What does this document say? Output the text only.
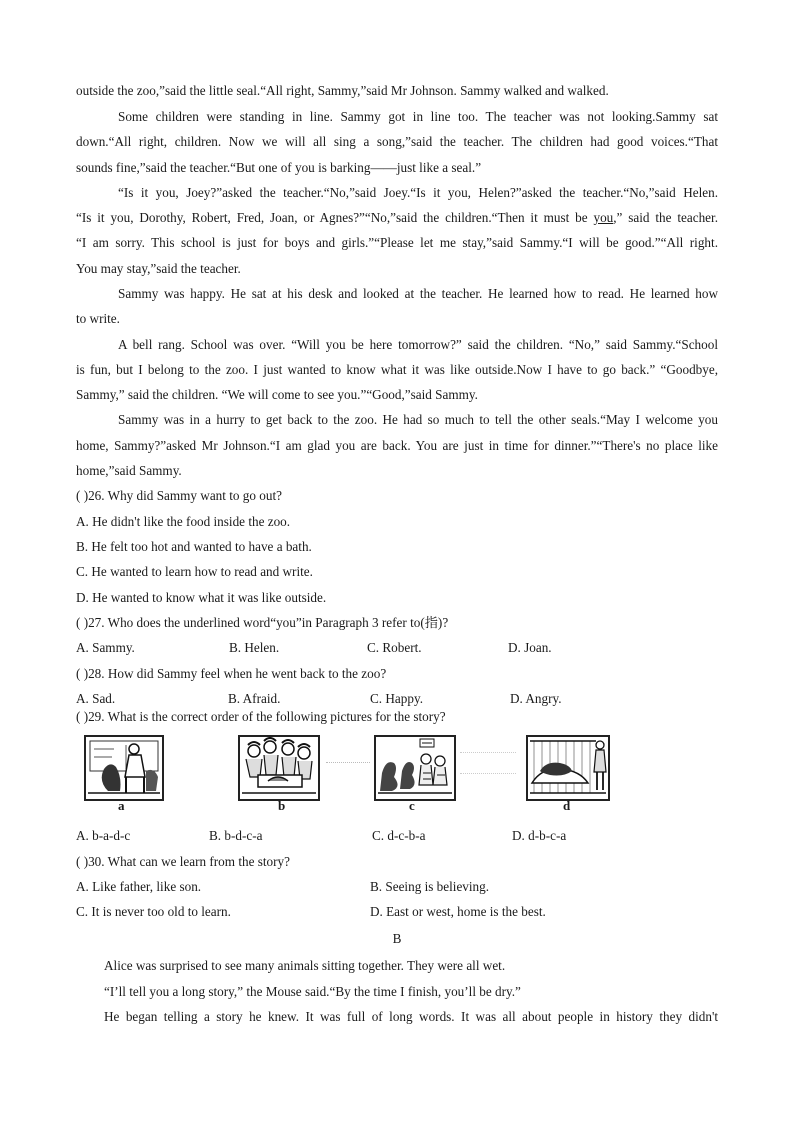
outside the zoo,”said the little seal.“All right, Sammy,”said Mr Johnson. Sammy walked and walked.
Some children were standing in line. Sammy got in line too. The teacher was not looking.Sammy sat
down.“All right, children. Now we will all sing a song,”said the teacher. The children had good voices.“That
sounds fine,”said the teacher.“But one of you is barking——just like a seal.”
“Is it you, Joey?”asked the teacher.“No,”said Joey.“Is it you, Helen?”asked the teacher.“No,”said Helen.
“Is it you, Dorothy, Robert, Fred, Joan, or Agnes?”“No,”said the children.“Then it must be you,” said the teacher.
“I am sorry. This school is just for boys and girls.”“Please let me stay,”said Sammy.“I will be good.”“All right.
You may stay,”said the teacher.
Sammy was happy. He sat at his desk and looked at the teacher. He learned how to read. He learned how
to write.
A bell rang. School was over. “Will you be here tomorrow?” said the children. “No,” said Sammy.“School
is fun, but I belong to the zoo. I just wanted to know what it was like outside.Now I have to go back.” “Goodbye,
Sammy,” said the children. “We will come to see you.”“Good,”said Sammy.
Sammy was in a hurry to get back to the zoo. He had so much to tell the other seals.“May I welcome you
home, Sammy?”asked Mr Johnson.“I am glad you are back. You are just in time for dinner.”“There's no place like
home,”said Sammy.
( )26. Why did Sammy want to go out?
A. He didn't like the food inside the zoo.
B. He felt too hot and wanted to have a bath.
C. He wanted to learn how to read and write.
D. He wanted to know what it was like outside.
( )27. Who does the underlined word“you”in Paragraph 3 refer to(指)?
A. Sammy.	B. Helen.	C. Robert.	D. Joan.
( )28. How did Sammy feel when he went back to the zoo?
A. Sad.	B. Afraid.	C. Happy.	D. Angry.
( )29. What is the correct order of the following pictures for the story?
a	b	c	d
A. b-a-d-c	B. b-d-c-a	C. d-c-b-a	D. d-b-c-a
( )30. What can we learn from the story?
A. Like father, like son.	B. Seeing is believing.
C. It is never too old to learn.	D. East or west, home is the best.
B
Alice was surprised to see many animals sitting together. They were all wet.
“I’ll tell you a long story,” the Mouse said.“By the time I finish, you’ll be dry.”
He began telling a story he knew. It was full of long words. It was all about people in history they didn't
